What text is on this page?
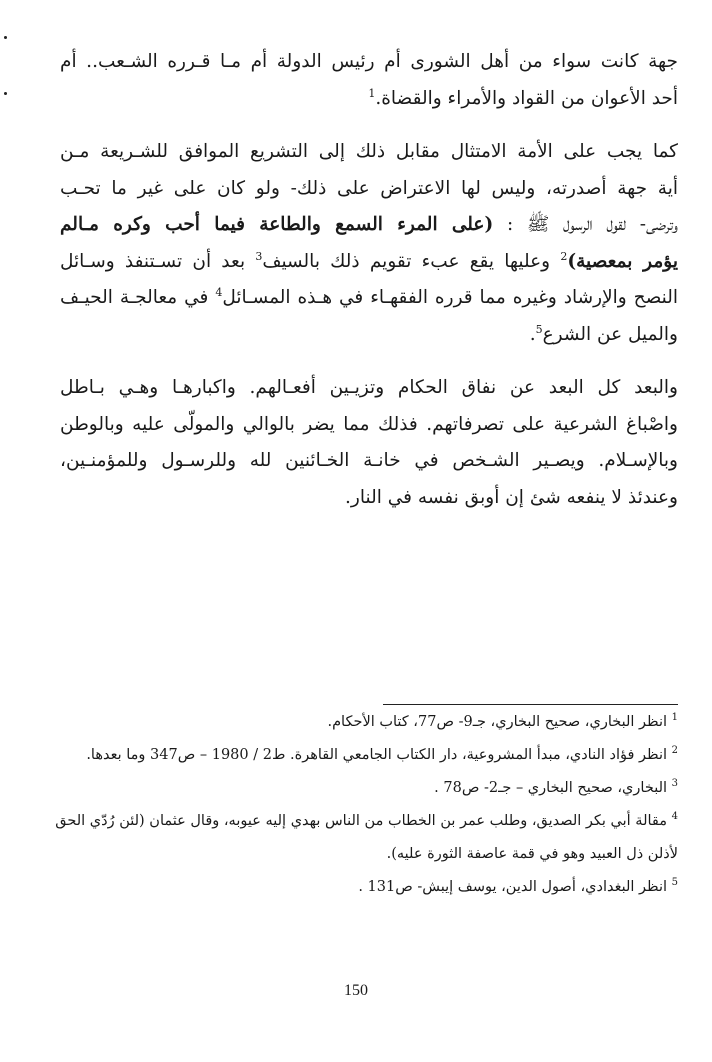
جهة كانت سواء من أهل الشورى أم رئيس الدولة أم مـا قـرره الشـعب.. أم
أحد الأعوان من القواد والأمراء والقضاة.$^1$

كما يجب على الأمة الامتثال مقابل ذلك إلى التشريع الموافق للشـريعة مـن
أية جهة أصدرته، وليس لها الاعتراض على ذلك- ولو كان على غير ما تحـب
وترضى- لقول الرسول ﷺ : (على المرء السمع والطاعة فيما أحب وكره مـالم
يؤمر بمعصية)$^2$ وعليها يقع عبء تقويم ذلك بالسيف$^3$ بعد أن تسـتنفذ وسـائل
النصح والإرشاد وغيره مما قرره الفقهـاء في هـذه المسـائل$^4$ في معالجـة الحيـف
والميل عن الشرع$^5$.

والبعد كل البعد عن نفاق الحكام وتزيـين أفعـالهم. واكبارهـا وهـي بـاطل
واصْباغ الشرعية على تصرفاتهم. فذلك مما يضر بالوالي والمولّى عليه وبالوطن
وبالإسـلام. ويصـير الشـخص في خانـة الخـائنين لله وللرسـول وللمؤمنـين،
وعندئذ لا ينفعه شئ إن أوبق نفسه في النار.

$^1$ انظر البخاري، صحيح البخاري، جـ9- ص77، كتاب الأحكام.

$^2$ انظر فؤاد النادي، مبدأ المشروعية، دار الكتاب الجامعي القاهرة. ط2 / 1980 – ص347 وما بعدها.

$^3$ البخاري، صحيح البخاري – جـ2- ص78 .

$^4$ مقالة أبي بكر الصديق، وطلب عمر بن الخطاب من الناس بهدي إليه عيوبه، وقال عثمان (لئن رُدّي الحق لأذلن ذل العبيد وهو في قمة عاصفة الثورة عليه).

$^5$ انظر البغدادي، أصول الدين، يوسف إيبش- ص131 .

150
